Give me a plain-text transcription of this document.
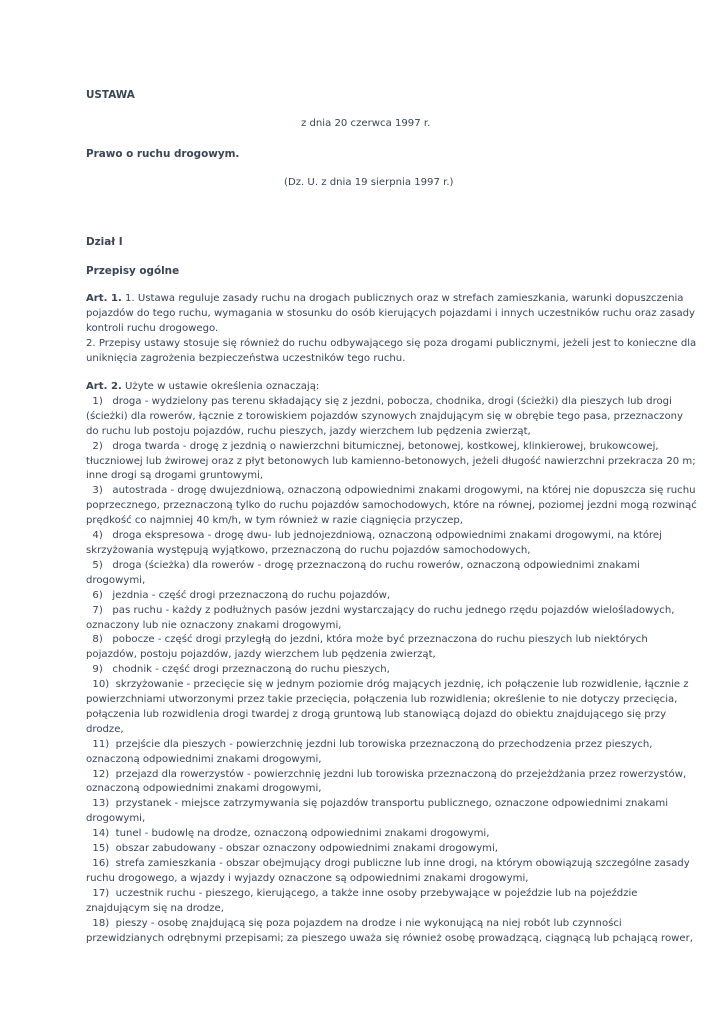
USTAWA
z dnia 20 czerwca 1997 r.
Prawo o ruchu drogowym.
(Dz. U. z dnia 19 sierpnia 1997 r.)
Dział I
Przepisy ogólne
Art. 1. 1. Ustawa reguluje zasady ruchu na drogach publicznych oraz w strefach zamieszkania, warunki dopuszczenia
pojazdów do tego ruchu, wymagania w stosunku do osób kierujących pojazdami i innych uczestników ruchu oraz zasady
kontroli ruchu drogowego.
2. Przepisy ustawy stosuje się również do ruchu odbywającego się poza drogami publicznymi, jeżeli jest to konieczne dla
uniknięcia zagrożenia bezpieczeństwa uczestników tego ruchu.
Art. 2. Użyte w ustawie określenia oznaczają:
1)   droga - wydzielony pas terenu składający się z jezdni, pobocza, chodnika, drogi (ścieżki) dla pieszych lub drogi
(ścieżki) dla rowerów, łącznie z torowiskiem pojazdów szynowych znajdującym się w obrębie tego pasa, przeznaczony
do ruchu lub postoju pojazdów, ruchu pieszych, jazdy wierzchem lub pędzenia zwierząt,
2)   droga twarda - drogę z jezdnią o nawierzchni bitumicznej, betonowej, kostkowej, klinkierowej, brukowcowej,
tłuczniowej lub żwirowej oraz z płyt betonowych lub kamienno-betonowych, jeżeli długość nawierzchni przekracza 20 m;
inne drogi są drogami gruntowymi,
3)   autostrada - drogę dwujezdniową, oznaczoną odpowiednimi znakami drogowymi, na której nie dopuszcza się ruchu
poprzecznego, przeznaczoną tylko do ruchu pojazdów samochodowych, które na równej, poziomej jezdni mogą rozwinąć
prędkość co najmniej 40 km/h, w tym również w razie ciągnięcia przyczep,
4)   droga ekspresowa - drogę dwu- lub jednojezdniową, oznaczoną odpowiednimi znakami drogowymi, na której
skrzyżowania występują wyjątkowo, przeznaczoną do ruchu pojazdów samochodowych,
5)   droga (ścieżka) dla rowerów - drogę przeznaczoną do ruchu rowerów, oznaczoną odpowiednimi znakami
drogowymi,
6)   jezdnia - część drogi przeznaczoną do ruchu pojazdów,
7)   pas ruchu - każdy z podłużnych pasów jezdni wystarczający do ruchu jednego rzędu pojazdów wielośladowych,
oznaczony lub nie oznaczony znakami drogowymi,
8)   pobocze - część drogi przyległą do jezdni, która może być przeznaczona do ruchu pieszych lub niektórych
pojazdów, postoju pojazdów, jazdy wierzchem lub pędzenia zwierząt,
9)   chodnik - część drogi przeznaczoną do ruchu pieszych,
10)  skrzyżowanie - przecięcie się w jednym poziomie dróg mających jezdnię, ich połączenie lub rozwidlenie, łącznie z
powierzchniami utworzonymi przez takie przecięcia, połączenia lub rozwidlenia; określenie to nie dotyczy przecięcia,
połączenia lub rozwidlenia drogi twardej z drogą gruntową lub stanowiącą dojazd do obiektu znajdującego się przy
drodze,
11)  przejście dla pieszych - powierzchnię jezdni lub torowiska przeznaczoną do przechodzenia przez pieszych,
oznaczoną odpowiednimi znakami drogowymi,
12)  przejazd dla rowerzystów - powierzchnię jezdni lub torowiska przeznaczoną do przejeżdżania przez rowerzystów,
oznaczoną odpowiednimi znakami drogowymi,
13)  przystanek - miejsce zatrzymywania się pojazdów transportu publicznego, oznaczone odpowiednimi znakami
drogowymi,
14)  tunel - budowlę na drodze, oznaczoną odpowiednimi znakami drogowymi,
15)  obszar zabudowany - obszar oznaczony odpowiednimi znakami drogowymi,
16)  strefa zamieszkania - obszar obejmujący drogi publiczne lub inne drogi, na którym obowiązują szczególne zasady
ruchu drogowego, a wjazdy i wyjazdy oznaczone są odpowiednimi znakami drogowymi,
17)  uczestnik ruchu - pieszego, kierującego, a także inne osoby przebywające w pojeździe lub na pojeździe
znajdującym się na drodze,
18)  pieszy - osobę znajdującą się poza pojazdem na drodze i nie wykonującą na niej robót lub czynności
przewidzianych odrębnymi przepisami; za pieszego uważa się również osobę prowadzącą, ciągnącą lub pchającą rower,
